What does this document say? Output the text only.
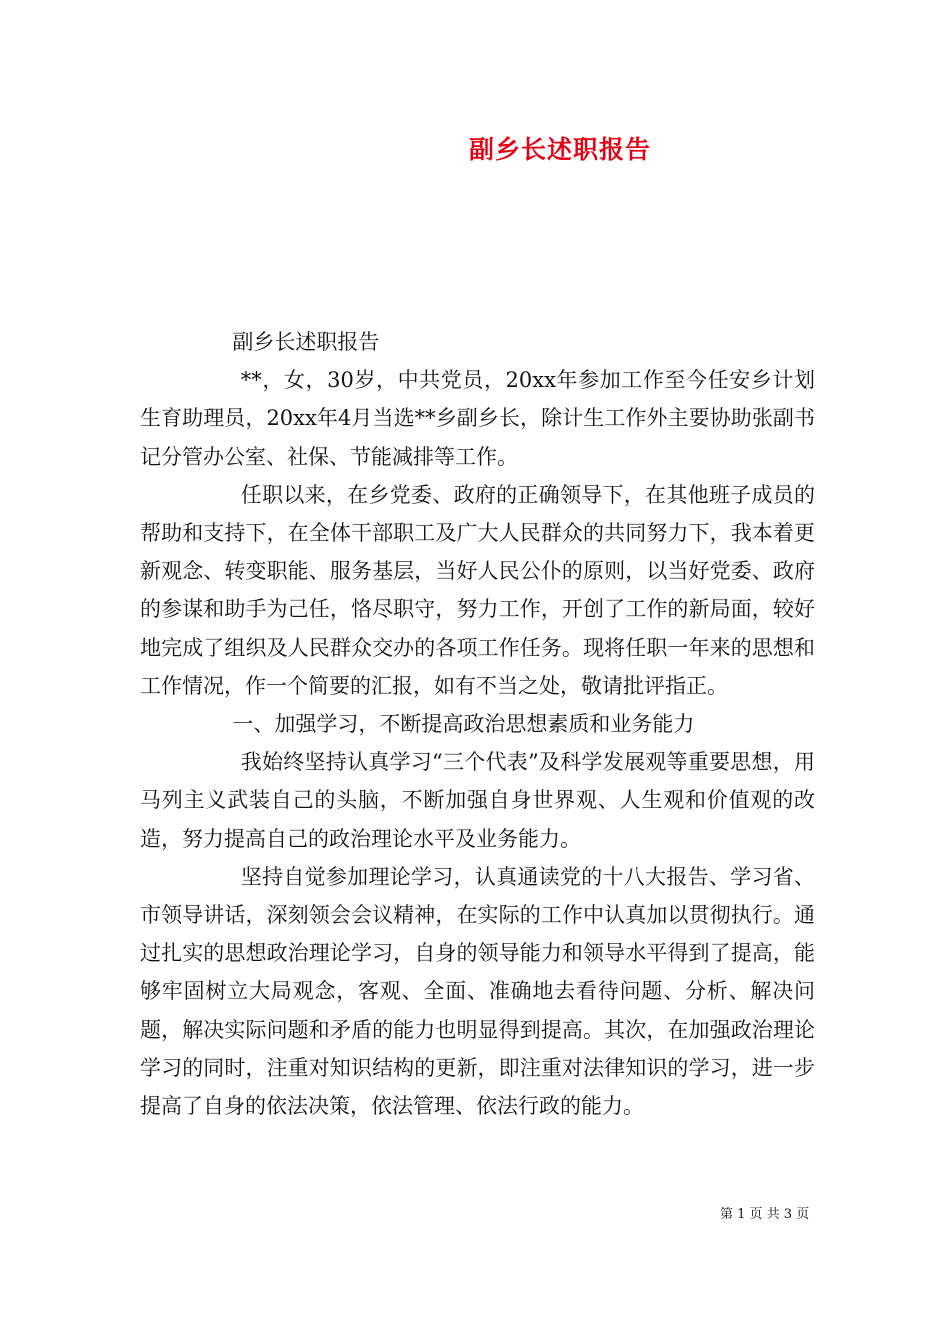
副乡长述职报告

副乡长述职报告

**，女，30岁，中共党员，20xx年参加工作至今任安乡计划生育助理员，20xx年4月当选**乡副乡长，除计生工作外主要协助张副书记分管办公室、社保、节能减排等工作。

任职以来，在乡党委、政府的正确领导下，在其他班子成员的帮助和支持下，在全体干部职工及广大人民群众的共同努力下，我本着更新观念、转变职能、服务基层，当好人民公仆的原则，以当好党委、政府的参谋和助手为己任，恪尽职守，努力工作，开创了工作的新局面，较好地完成了组织及人民群众交办的各项工作任务。现将任职一年来的思想和工作情况，作一个简要的汇报，如有不当之处，敬请批评指正。

一、加强学习，不断提高政治思想素质和业务能力

我始终坚持认真学习“三个代表”及科学发展观等重要思想，用马列主义武装自己的头脑，不断加强自身世界观、人生观和价值观的改造，努力提高自己的政治理论水平及业务能力。

坚持自觉参加理论学习，认真通读党的十八大报告、学习省、市领导讲话，深刻领会会议精神，在实际的工作中认真加以贯彻执行。通过扎实的思想政治理论学习，自身的领导能力和领导水平得到了提高，能够牢固树立大局观念，客观、全面、准确地去看待问题、分析、解决问题，解决实际问题和矛盾的能力也明显得到提高。其次，在加强政治理论学习的同时，注重对知识结构的更新，即注重对法律知识的学习，进一步提高了自身的依法决策，依法管理、依法行政的能力。

第 1 页 共 3 页
